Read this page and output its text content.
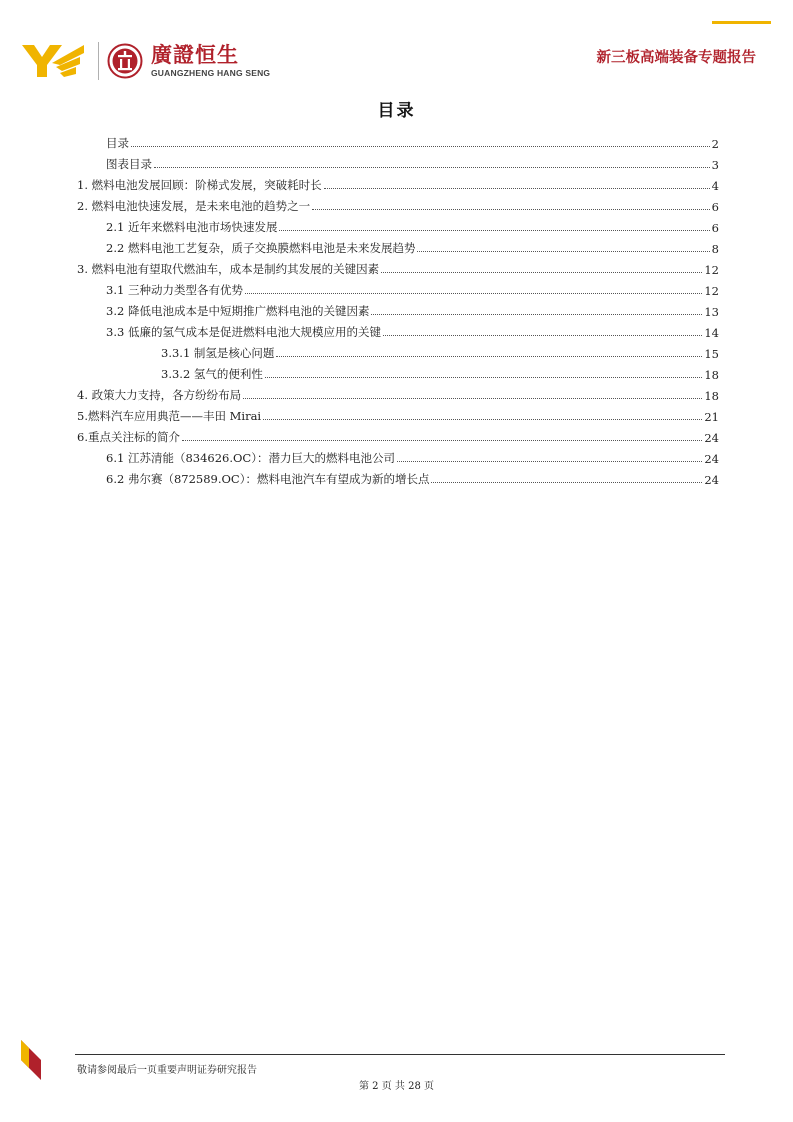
廣證恒生
GUANGZHENG HANG SENG
新三板高端装备专题报告
目录
目录	2
图表目录	3
1. 燃料电池发展回顾：阶梯式发展，突破耗时长	4
2. 燃料电池快速发展，是未来电池的趋势之一	6
2.1 近年来燃料电池市场快速发展	6
2.2 燃料电池工艺复杂，质子交换膜燃料电池是未来发展趋势	8
3. 燃料电池有望取代燃油车，成本是制约其发展的关键因素	12
3.1 三种动力类型各有优势	12
3.2 降低电池成本是中短期推广燃料电池的关键因素	13
3.3 低廉的氢气成本是促进燃料电池大规模应用的关键	14
3.3.1 制氢是核心问题	15
3.3.2 氢气的便利性	18
4. 政策大力支持，各方纷纷布局	18
5.燃料汽车应用典范——丰田 Mirai	21
6.重点关注标的简介	24
6.1 江苏清能（834626.OC）：潜力巨大的燃料电池公司	24
6.2 弗尔赛（872589.OC）：燃料电池汽车有望成为新的增长点	24
敬请参阅最后一页重要声明证券研究报告
第 2 页 共 28 页
